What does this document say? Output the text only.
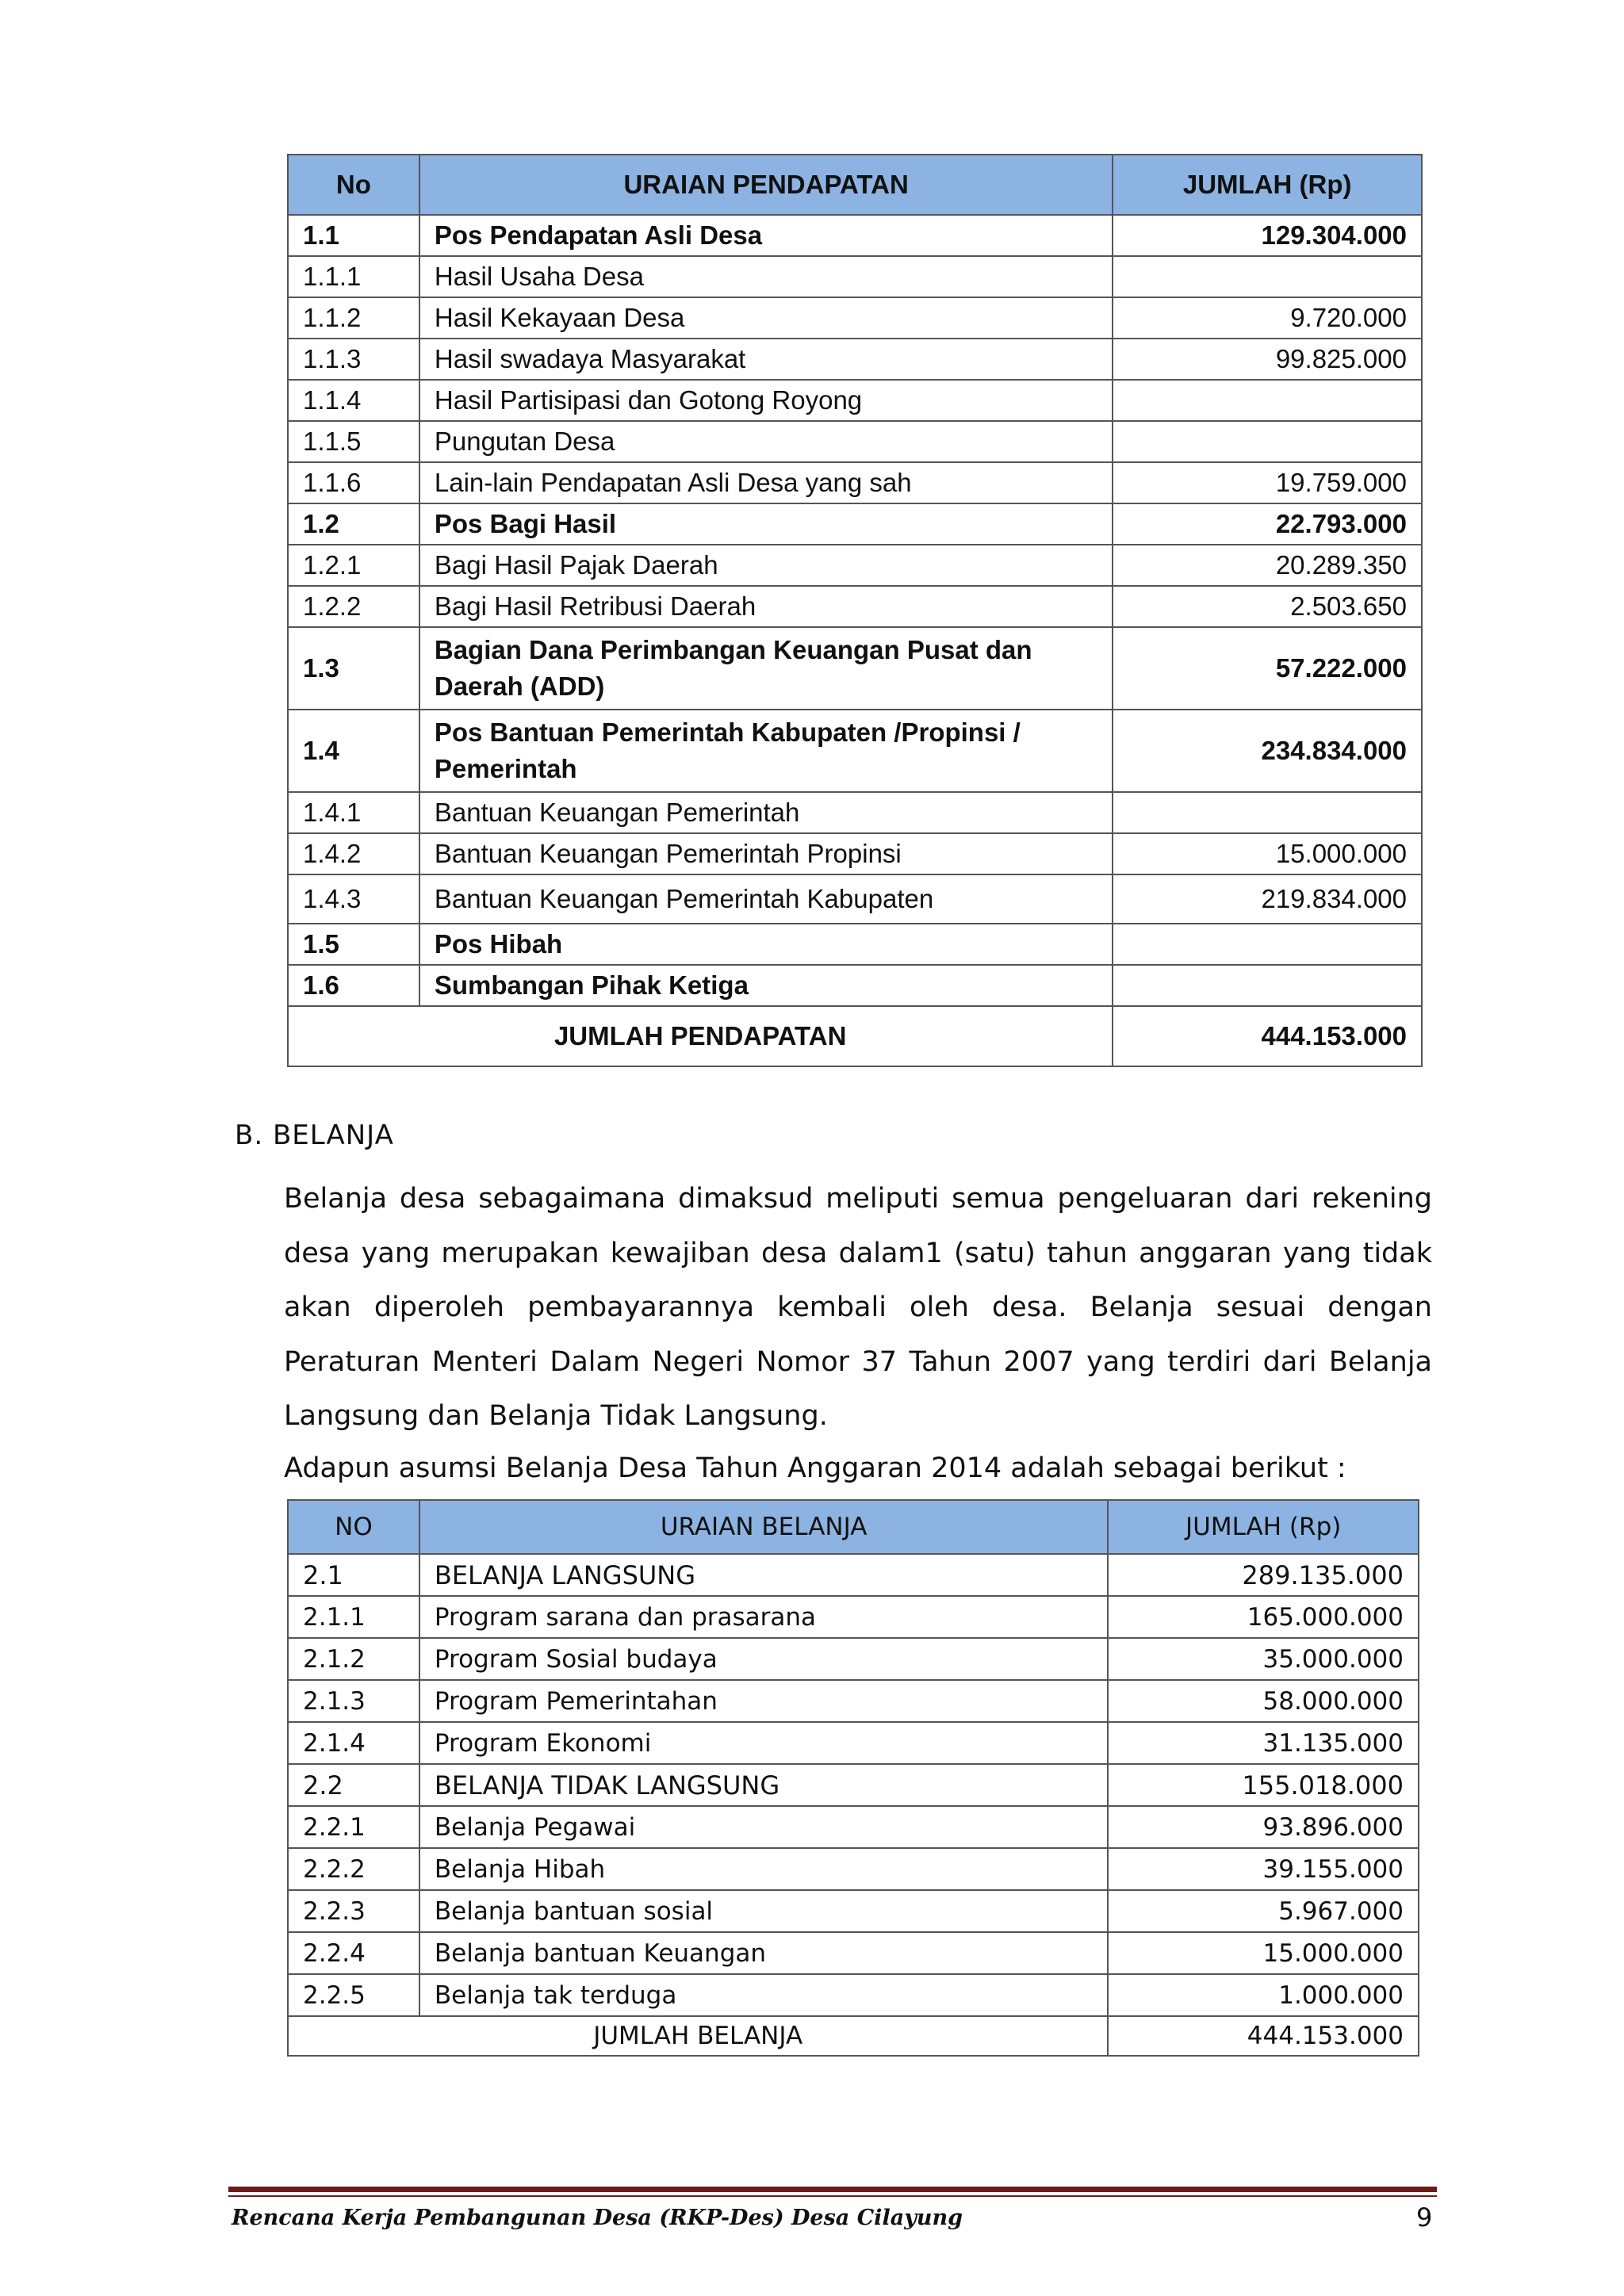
No	URAIAN PENDAPATAN	JUMLAH (Rp)
1.1	Pos Pendapatan Asli Desa	129.304.000
1.1.1	Hasil Usaha Desa	
1.1.2	Hasil Kekayaan Desa	9.720.000
1.1.3	Hasil swadaya Masyarakat	99.825.000
1.1.4	Hasil Partisipasi dan Gotong Royong	
1.1.5	Pungutan Desa	
1.1.6	Lain-lain Pendapatan Asli Desa yang sah	19.759.000
1.2	Pos Bagi Hasil	22.793.000
1.2.1	Bagi Hasil Pajak Daerah	20.289.350
1.2.2	Bagi Hasil Retribusi Daerah	2.503.650
1.3	Bagian Dana Perimbangan Keuangan Pusat dan Daerah (ADD)	57.222.000
1.4	Pos Bantuan Pemerintah Kabupaten /Propinsi / Pemerintah	234.834.000
1.4.1	Bantuan Keuangan Pemerintah	
1.4.2	Bantuan Keuangan Pemerintah Propinsi	15.000.000
1.4.3	Bantuan Keuangan Pemerintah Kabupaten	219.834.000
1.5	Pos Hibah	
1.6	Sumbangan Pihak Ketiga	
JUMLAH PENDAPATAN		444.153.000
B. BELANJA

Belanja desa sebagaimana dimaksud meliputi semua pengeluaran dari rekening desa yang merupakan kewajiban desa dalam1 (satu) tahun anggaran yang tidak akan diperoleh pembayarannya kembali oleh desa. Belanja sesuai dengan Peraturan Menteri Dalam Negeri Nomor 37 Tahun 2007 yang terdiri dari Belanja Langsung dan Belanja Tidak Langsung.

Adapun asumsi Belanja Desa Tahun Anggaran 2014 adalah sebagai berikut :

NO	URAIAN BELANJA	JUMLAH (Rp)
2.1	BELANJA LANGSUNG	289.135.000
2.1.1	Program sarana dan prasarana	165.000.000
2.1.2	Program Sosial budaya	35.000.000
2.1.3	Program Pemerintahan	58.000.000
2.1.4	Program Ekonomi	31.135.000
2.2	BELANJA TIDAK LANGSUNG	155.018.000
2.2.1	Belanja Pegawai	93.896.000
2.2.2	Belanja Hibah	39.155.000
2.2.3	Belanja bantuan sosial	5.967.000
2.2.4	Belanja bantuan Keuangan	15.000.000
2.2.5	Belanja tak terduga	1.000.000
JUMLAH BELANJA		444.153.000
Rencana Kerja Pembangunan Desa (RKP-Des) Desa Cilayung	9
